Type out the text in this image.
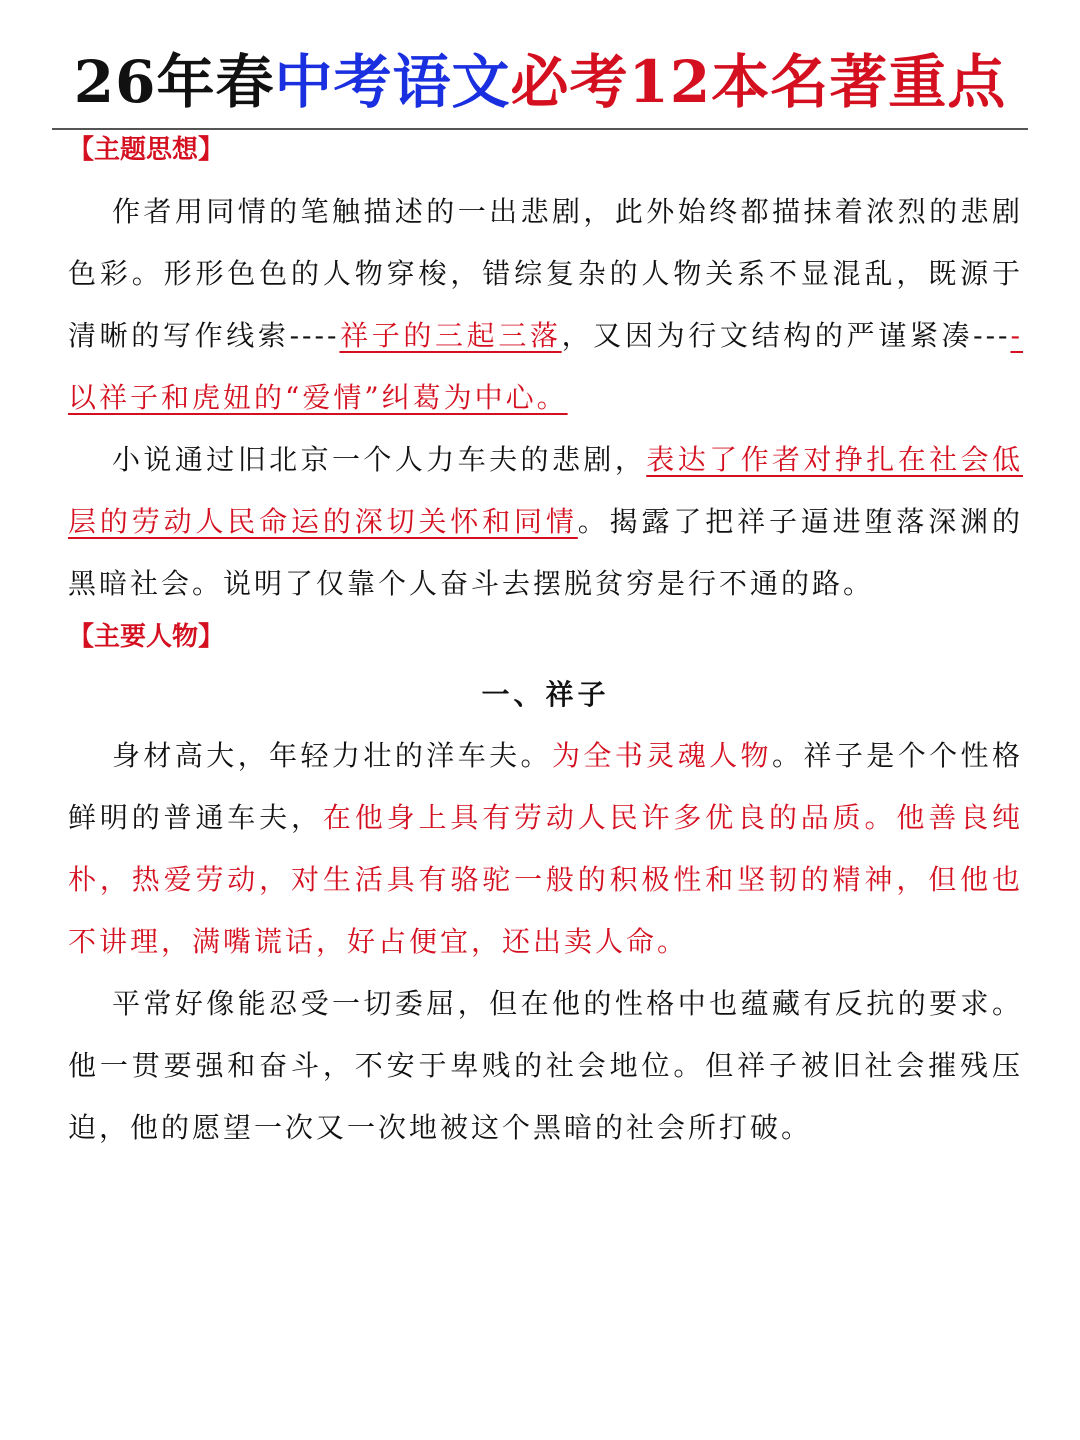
26年春中考语文必考12本名著重点
【主题思想】

作者用同情的笔触描述的一出悲剧，此外始终都描抹着浓烈的悲剧色彩。形形色色的人物穿梭，错综复杂的人物关系不显混乱，既源于清晰的写作线索----祥子的三起三落，又因为行文结构的严谨紧凑----以祥子和虎妞的“爱情”纠葛为中心。

小说通过旧北京一个人力车夫的悲剧，表达了作者对挣扎在社会低层的劳动人民命运的深切关怀和同情。揭露了把祥子逼进堕落深渊的黑暗社会。说明了仅靠个人奋斗去摆脱贫穷是行不通的路。

【主要人物】
一、祥子

身材高大，年轻力壮的洋车夫。为全书灵魂人物。祥子是个个性格鲜明的普通车夫，在他身上具有劳动人民许多优良的品质。他善良纯朴，热爱劳动，对生活具有骆驼一般的积极性和坚韧的精神，但他也不讲理，满嘴谎话，好占便宜，还出卖人命。

平常好像能忍受一切委屈，但在他的性格中也蕴藏有反抗的要求。他一贯要强和奋斗，不安于卑贱的社会地位。但祥子被旧社会摧残压迫，他的愿望一次又一次地被这个黑暗的社会所打破。
